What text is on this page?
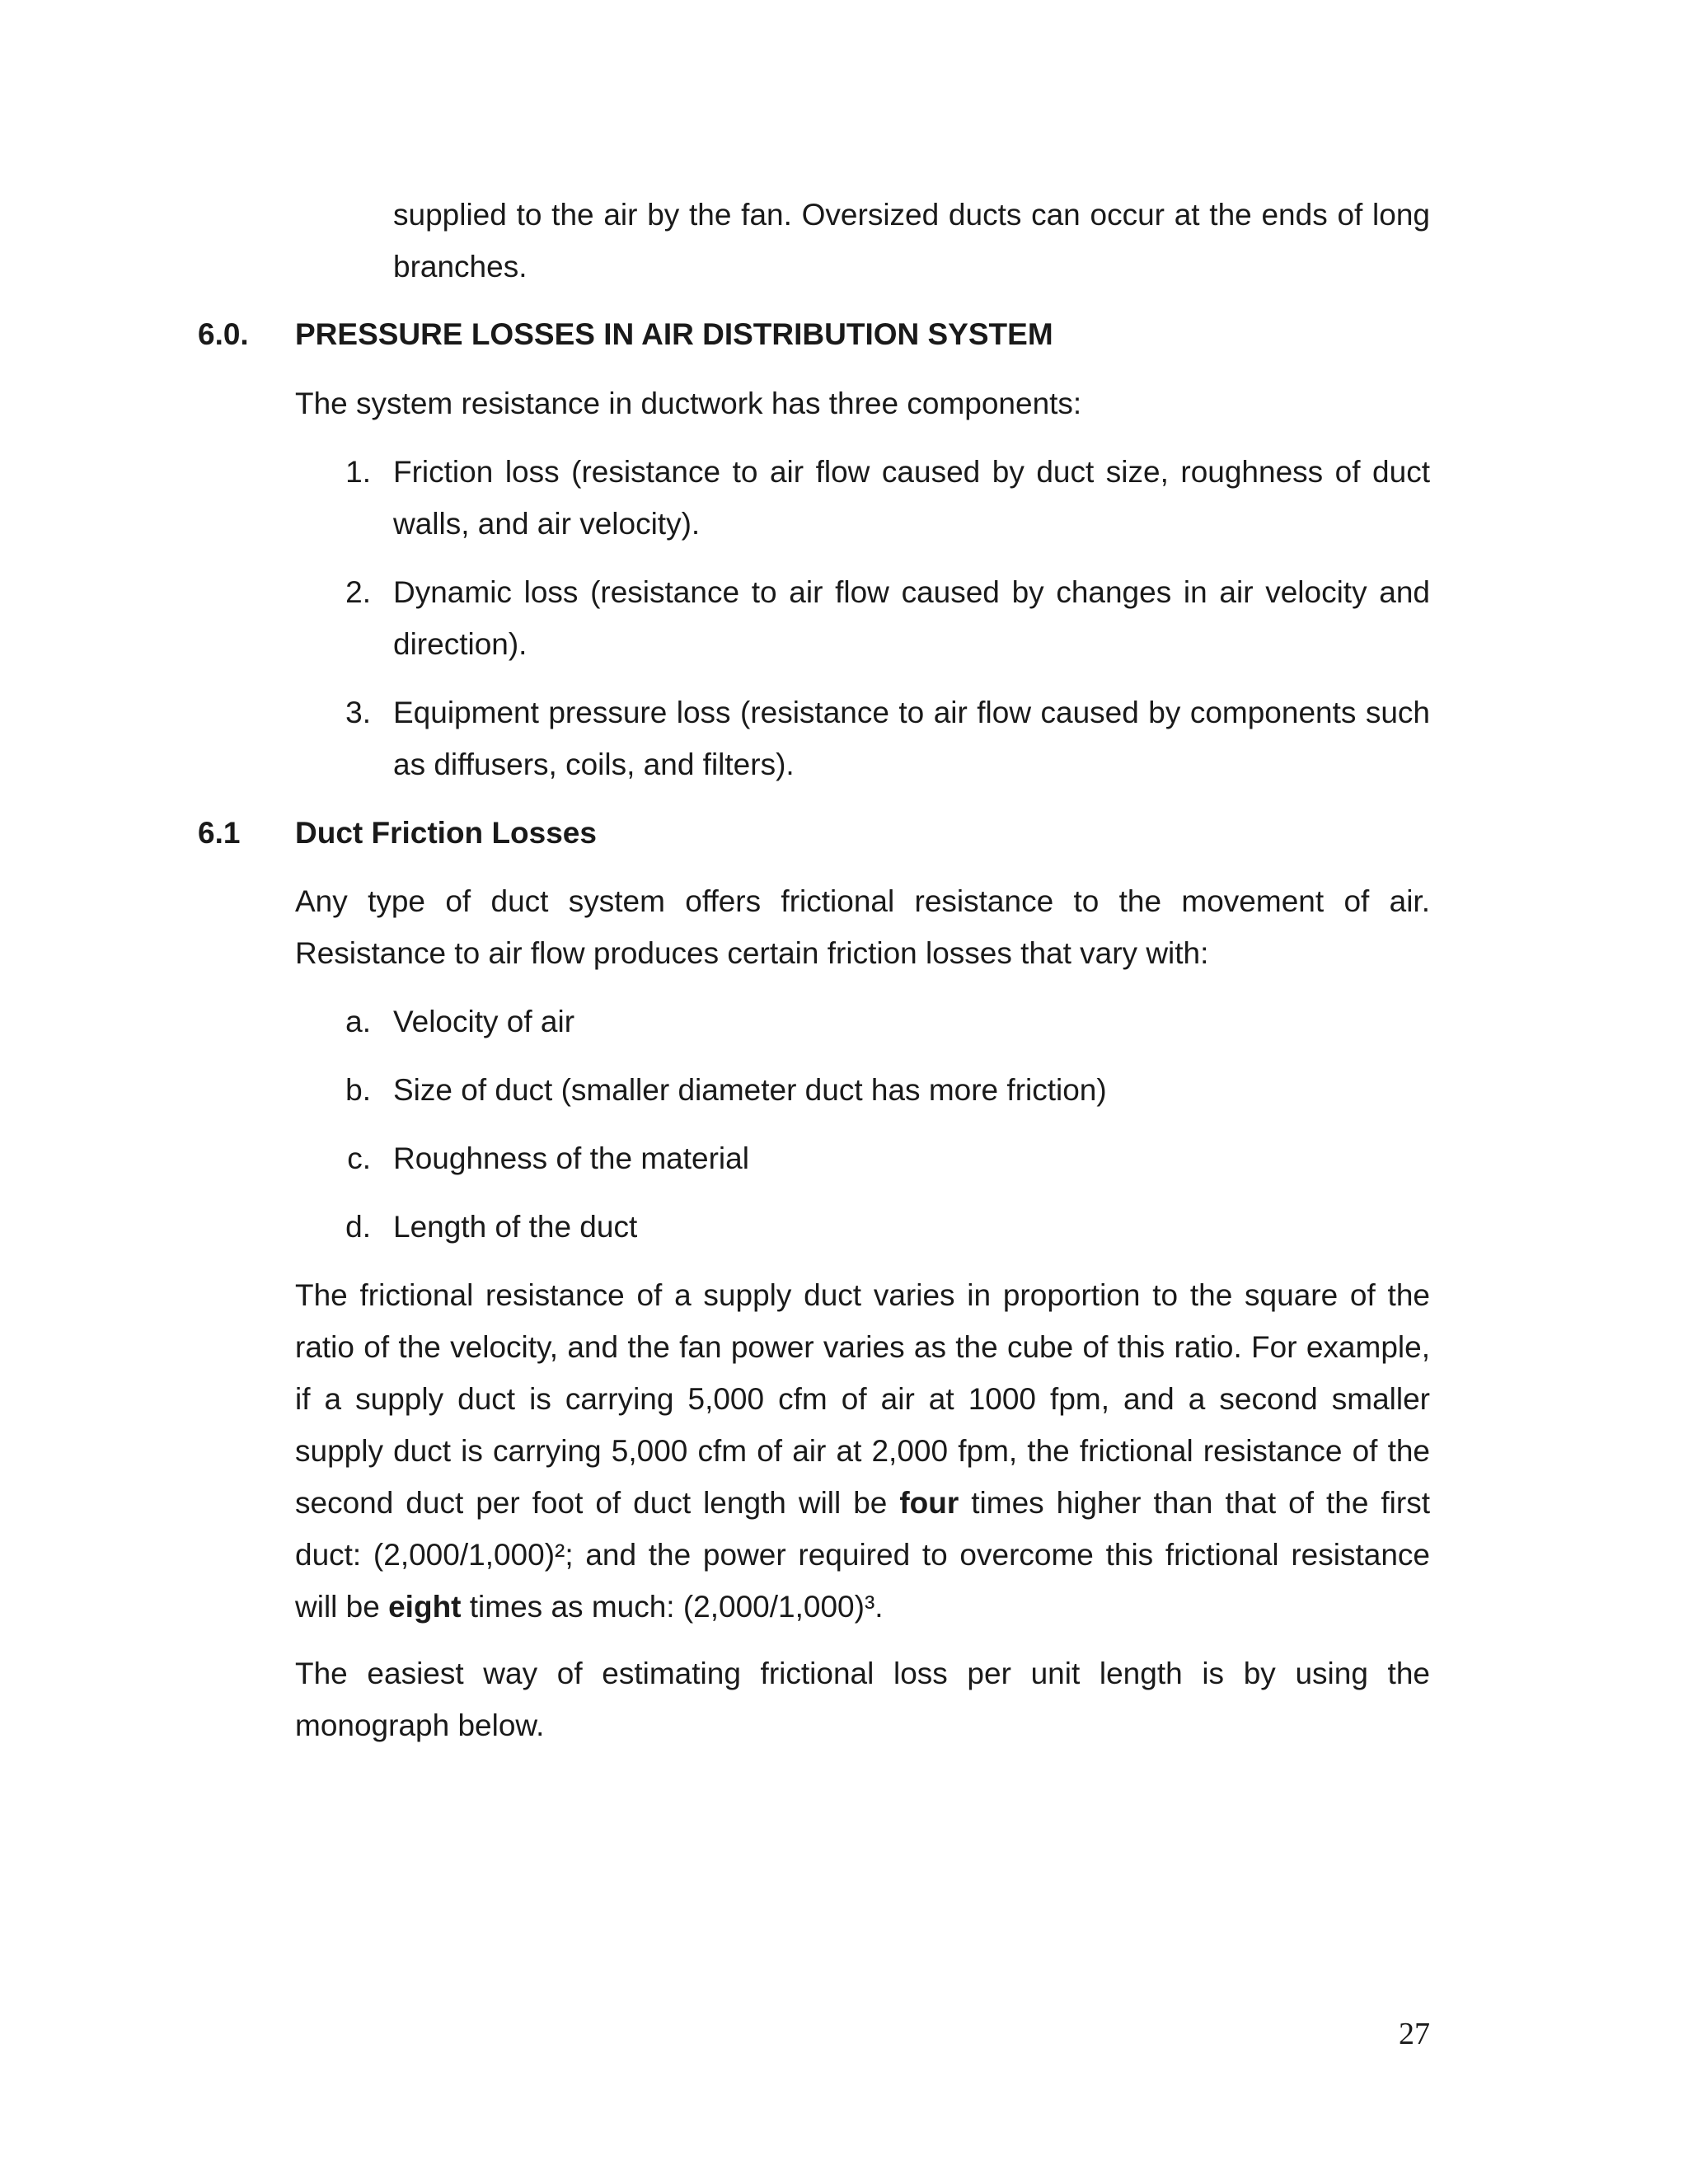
supplied to the air by the fan. Oversized ducts can occur at the ends of long branches.

6.0. PRESSURE LOSSES IN AIR DISTRIBUTION SYSTEM

The system resistance in ductwork has three components:

1. Friction loss (resistance to air flow caused by duct size, roughness of duct walls, and air velocity).

2. Dynamic loss (resistance to air flow caused by changes in air velocity and direction).

3. Equipment pressure loss (resistance to air flow caused by components such as diffusers, coils, and filters).

6.1 Duct Friction Losses

Any type of duct system offers frictional resistance to the movement of air. Resistance to air flow produces certain friction losses that vary with:

a. Velocity of air

b. Size of duct (smaller diameter duct has more friction)

c. Roughness of the material

d. Length of the duct

The frictional resistance of a supply duct varies in proportion to the square of the ratio of the velocity, and the fan power varies as the cube of this ratio. For example, if a supply duct is carrying 5,000 cfm of air at 1000 fpm, and a second smaller supply duct is carrying 5,000 cfm of air at 2,000 fpm, the frictional resistance of the second duct per foot of duct length will be four times higher than that of the first duct: (2,000/1,000)²; and the power required to overcome this frictional resistance will be eight times as much: (2,000/1,000)³.

The easiest way of estimating frictional loss per unit length is by using the monograph below.

27
